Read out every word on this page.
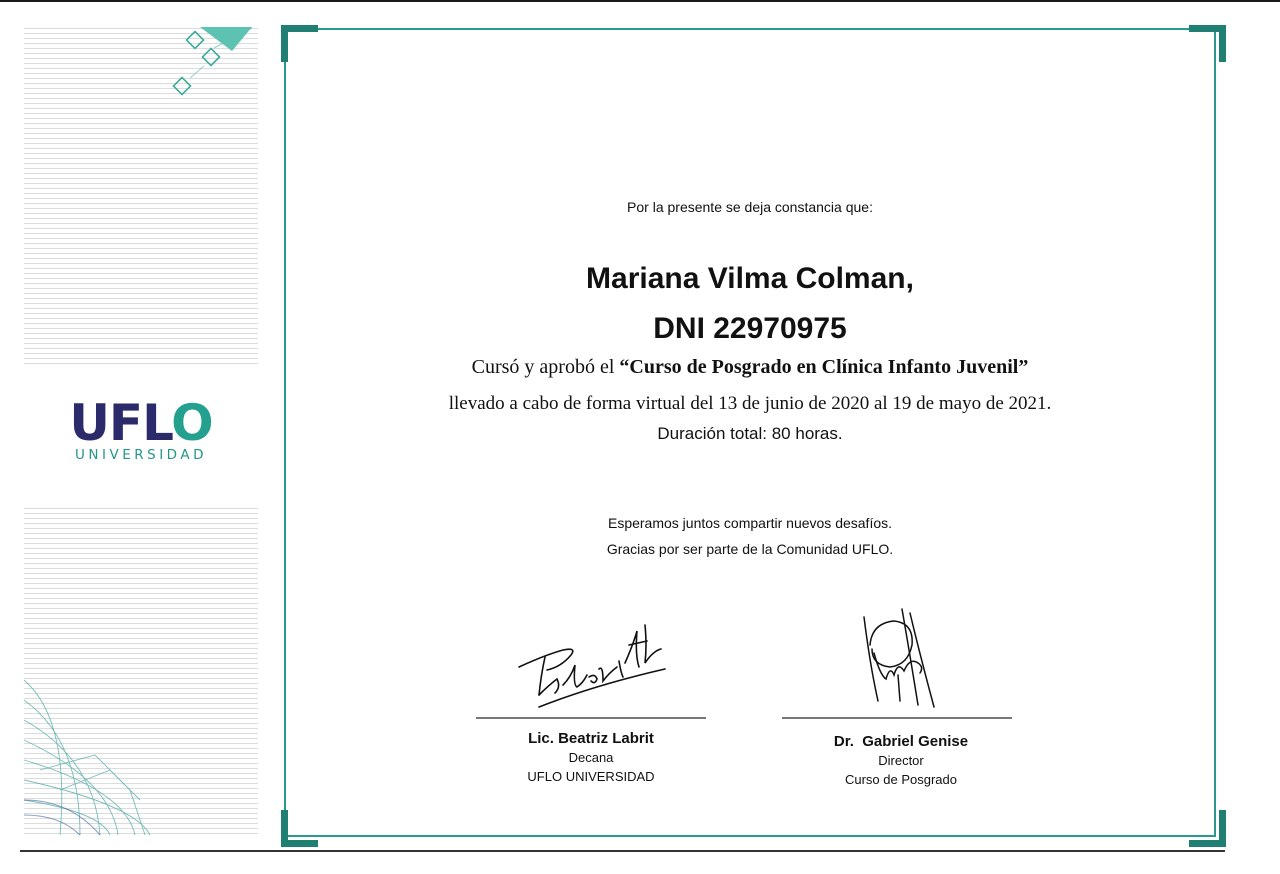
UFLO
UNIVERSIDAD
Por la presente se deja constancia que:
Mariana Vilma Colman,
DNI 22970975
Cursó y aprobó el “Curso de Posgrado en Clínica Infanto Juvenil”
llevado a cabo de forma virtual del 13 de junio de 2020 al 19 de mayo de 2021.
Duración total: 80 horas.
Esperamos juntos compartir nuevos desafíos.
Gracias por ser parte de la Comunidad UFLO.
Lic. Beatriz Labrit
Decana
UFLO UNIVERSIDAD
Dr.  Gabriel Genise
Director
Curso de Posgrado
